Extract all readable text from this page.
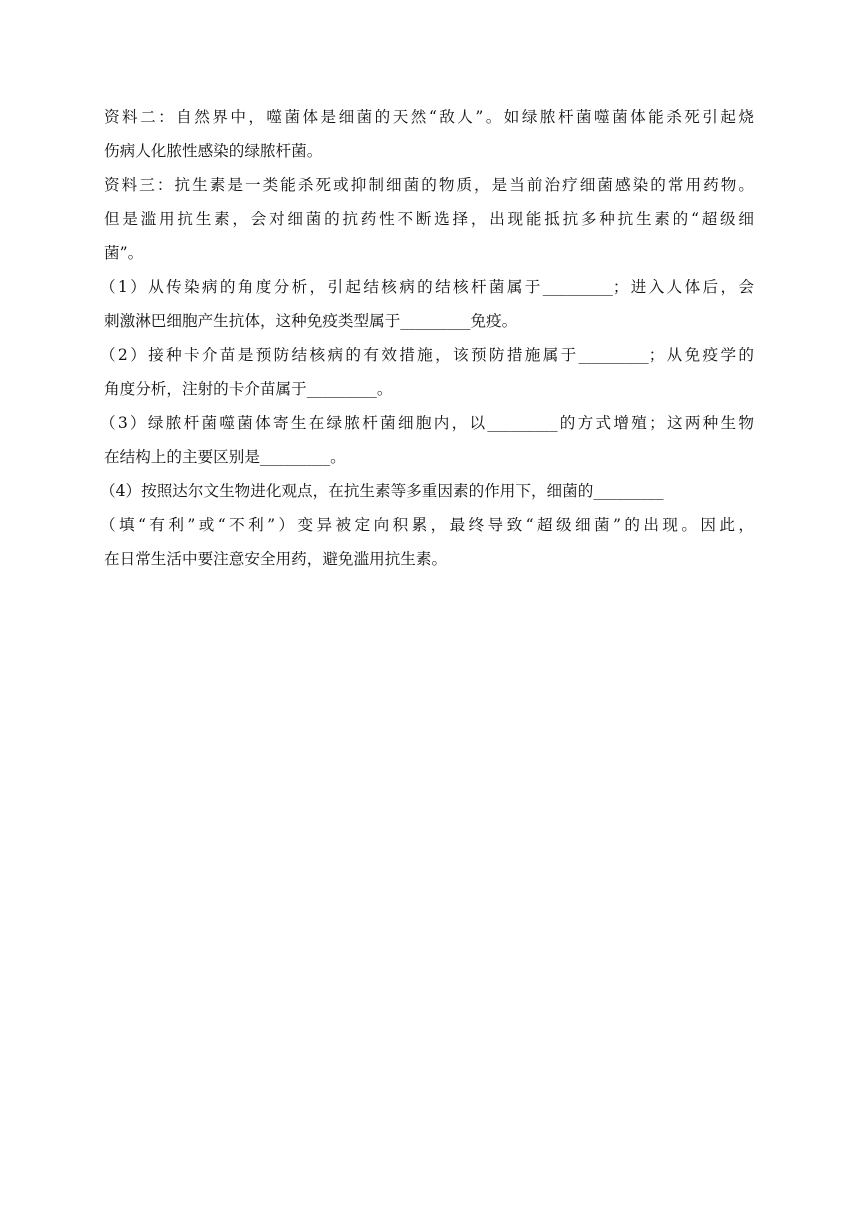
资料二：自然界中，噬菌体是细菌的天然“敌人”。如绿脓杆菌噬菌体能杀死引起烧
伤病人化脓性感染的绿脓杆菌。
资料三：抗生素是一类能杀死或抑制细菌的物质，是当前治疗细菌感染的常用药物。
但是滥用抗生素，会对细菌的抗药性不断选择，出现能抵抗多种抗生素的“超级细
菌”。
（1）从传染病的角度分析，引起结核病的结核杆菌属于_________；进入人体后，会
刺激淋巴细胞产生抗体，这种免疫类型属于_________免疫。
（2）接种卡介苗是预防结核病的有效措施，该预防措施属于_________；从免疫学的
角度分析，注射的卡介苗属于_________。
（3）绿脓杆菌噬菌体寄生在绿脓杆菌细胞内，以_________的方式增殖；这两种生物
在结构上的主要区别是_________。
（4）按照达尔文生物进化观点，在抗生素等多重因素的作用下，细菌的_________
（填“有利”或“不利”）变异被定向积累，最终导致“超级细菌”的出现。因此，
在日常生活中要注意安全用药，避免滥用抗生素。
